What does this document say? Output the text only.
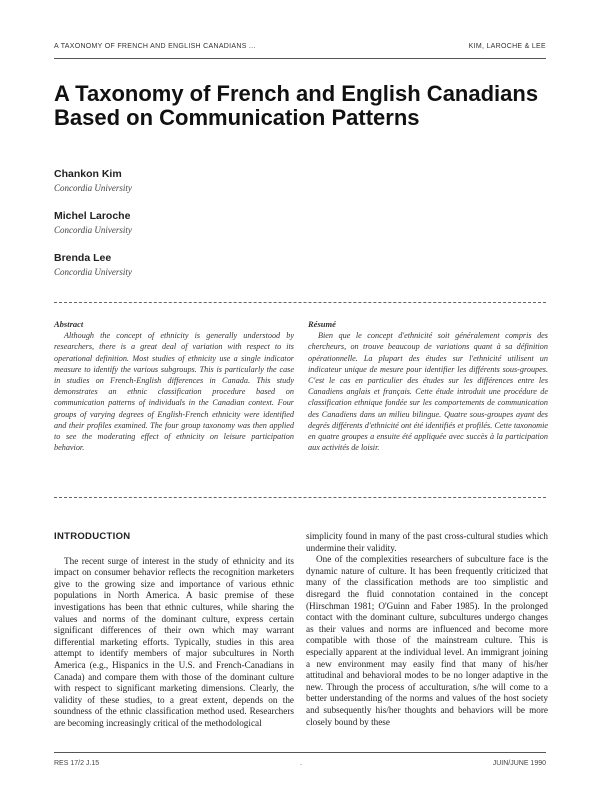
A TAXONOMY OF FRENCH AND ENGLISH CANADIANS ...	KIM, LAROCHE & LEE
A Taxonomy of French and English Canadians Based on Communication Patterns
Chankon Kim
Concordia University
Michel Laroche
Concordia University
Brenda Lee
Concordia University
Abstract
Although the concept of ethnicity is generally understood by researchers, there is a great deal of variation with respect to its operational definition. Most studies of ethnicity use a single indicator measure to identify the various subgroups. This is particularly the case in studies on French-English differences in Canada. This study demonstrates an ethnic classification procedure based on communication patterns of individuals in the Canadian context. Four groups of varying degrees of English-French ethnicity were identified and their profiles examined. The four group taxonomy was then applied to see the moderating effect of ethnicity on leisure participation behavior.
Résumé
Bien que le concept d'ethnicité soit généralement compris des chercheurs, on trouve beaucoup de variations quant à sa définition opérationnelle. La plupart des études sur l'ethnicité utilisent un indicateur unique de mesure pour identifier les différents sous-groupes. C'est le cas en particulier des études sur les différences entre les Canadiens anglais et français. Cette étude introduit une procédure de classification ethnique fondée sur les comportements de communication des Canadiens dans un milieu bilingue. Quatre sous-groupes ayant des degrés différents d'ethnicité ont été identifiés et profilés. Cette taxonomie en quatre groupes a ensuite été appliquée avec succès à la participation aux activités de loisir.
INTRODUCTION
The recent surge of interest in the study of ethnicity and its impact on consumer behavior reflects the recognition marketers give to the growing size and importance of various ethnic populations in North America. A basic premise of these investigations has been that ethnic cultures, while sharing the values and norms of the dominant culture, express certain significant differences of their own which may warrant differential marketing efforts. Typically, studies in this area attempt to identify members of major subcultures in North America (e.g., Hispanics in the U.S. and French-Canadians in Canada) and compare them with those of the dominant culture with respect to significant marketing dimensions. Clearly, the validity of these studies, to a great extent, depends on the soundness of the ethnic classification method used. Researchers are becoming increasingly critical of the methodological
simplicity found in many of the past cross-cultural studies which undermine their validity.
One of the complexities researchers of subculture face is the dynamic nature of culture. It has been frequently criticized that many of the classification methods are too simplistic and disregard the fluid connotation contained in the concept (Hirschman 1981; O'Guinn and Faber 1985). In the prolonged contact with the dominant culture, subcultures undergo changes as their values and norms are influenced and become more compatible with those of the mainstream culture. This is especially apparent at the individual level. An immigrant joining a new environment may easily find that many of his/her attitudinal and behavioral modes to be no longer adaptive in the new. Through the process of acculturation, s/he will come to a better understanding of the norms and values of the host society and subsequently his/her thoughts and behaviors will be more closely bound by these
RES 17/2 J.15	.	JUIN/JUNE 1990
